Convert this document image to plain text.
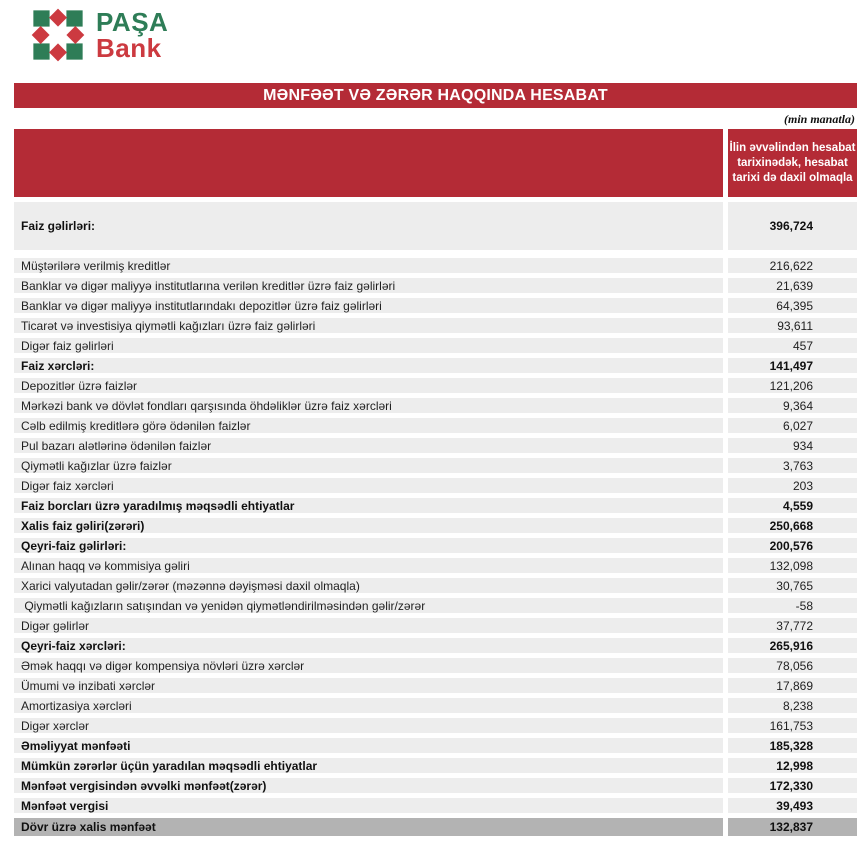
PAŞA
Bank
MƏNFƏƏT VƏ ZƏRƏR HAQQINDA HESABAT
(min manatla)
İlin əvvəlindən hesabat tarixinədək, hesabat tarixi də daxil olmaqla
Faiz gəlirləri:	396,724
Müştərilərə verilmiş kreditlər	216,622
Banklar və digər maliyyə institutlarına verilən kreditlər üzrə faiz gəlirləri	21,639
Banklar və digər maliyyə institutlarındakı depozitlər üzrə faiz gəlirləri	64,395
Ticarət və investisiya qiymətli kağızları üzrə faiz gəlirləri	93,611
Digər faiz gəlirləri	457
Faiz xərcləri:	141,497
Depozitlər üzrə faizlər	121,206
Mərkəzi bank və dövlət fondları qarşısında öhdəliklər üzrə faiz xərcləri	9,364
Cəlb edilmiş kreditlərə görə ödənilən faizlər	6,027
Pul bazarı alətlərinə ödənilən faizlər	934
Qiymətli kağızlar üzrə faizlər	3,763
Digər faiz xərcləri	203
Faiz borcları üzrə yaradılmış məqsədli ehtiyatlar	4,559
Xalis faiz gəliri(zərəri)	250,668
Qeyri-faiz gəlirləri:	200,576
Alınan haqq və kommisiya gəliri	132,098
Xarici valyutadan gəlir/zərər (məzənnə dəyişməsi daxil olmaqla)	30,765
Qiymətli kağızların satışından və yenidən qiymətləndirilməsindən gəlir/zərər	-58
Digər gəlirlər	37,772
Qeyri-faiz xərcləri:	265,916
Əmək haqqı və digər kompensiya növləri üzrə xərclər	78,056
Ümumi və inzibati xərclər	17,869
Amortizasiya xərcləri	8,238
Digər xərclər	161,753
Əməliyyat mənfəəti	185,328
Mümkün zərərlər üçün yaradılan məqsədli ehtiyatlar	12,998
Mənfəət vergisindən əvvəlki mənfəət(zərər)	172,330
Mənfəət vergisi	39,493
Dövr üzrə xalis mənfəət	132,837
